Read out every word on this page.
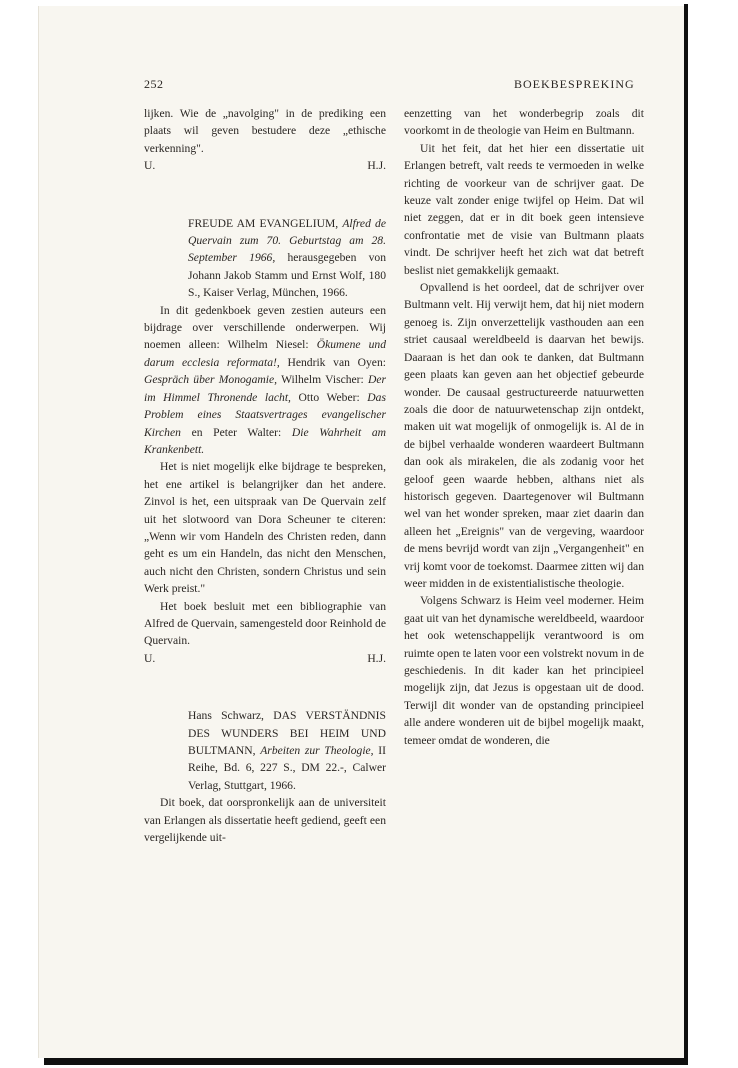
252	BOEKBESPREKING

lijken. Wie de „navolging" in de prediking een plaats wil geven bestudere deze „ethische verkenning".

U.	H.J.

FREUDE AM EVANGELIUM, Alfred de Quervain zum 70. Geburtstag am 28. September 1966, herausgegeben von Johann Jakob Stamm und Ernst Wolf, 180 S., Kaiser Verlag, München, 1966.

In dit gedenkboek geven zestien auteurs een bijdrage over verschillende onderwerpen. Wij noemen alleen: Wilhelm Niesel: Ökumene und darum ecclesia reformata!, Hendrik van Oyen: Gespräch über Monogamie, Wilhelm Vischer: Der im Himmel Thronende lacht, Otto Weber: Das Problem eines Staatsvertrages evangelischer Kirchen en Peter Walter: Die Wahrheit am Krankenbett.

Het is niet mogelijk elke bijdrage te bespreken, het ene artikel is belangrijker dan het andere. Zinvol is het, een uitspraak van De Quervain zelf uit het slotwoord van Dora Scheuner te citeren: „Wenn wir vom Handeln des Christen reden, dann geht es um ein Handeln, das nicht den Menschen, auch nicht den Christen, sondern Christus und sein Werk preist."

Het boek besluit met een bibliographie van Alfred de Quervain, samengesteld door Reinhold de Quervain.

U.	H.J.

Hans Schwarz, DAS VERSTÄNDNIS DES WUNDERS BEI HEIM UND BULTMANN, Arbeiten zur Theologie, II Reihe, Bd. 6, 227 S., DM 22.-, Calwer Verlag, Stuttgart, 1966.

Dit boek, dat oorspronkelijk aan de universiteit van Erlangen als dissertatie heeft gediend, geeft een vergelijkende uit-

eenzetting van het wonderbegrip zoals dit voorkomt in de theologie van Heim en Bultmann.

Uit het feit, dat het hier een dissertatie uit Erlangen betreft, valt reeds te vermoeden in welke richting de voorkeur van de schrijver gaat. De keuze valt zonder enige twijfel op Heim. Dat wil niet zeggen, dat er in dit boek geen intensieve confrontatie met de visie van Bultmann plaats vindt. De schrijver heeft het zich wat dat betreft beslist niet gemakkelijk gemaakt.

Opvallend is het oordeel, dat de schrijver over Bultmann velt. Hij verwijt hem, dat hij niet modern genoeg is. Zijn onverzettelijk vasthouden aan een striet causaal wereldbeeld is daarvan het bewijs. Daaraan is het dan ook te danken, dat Bultmann geen plaats kan geven aan het objectief gebeurde wonder. De causaal gestructureerde natuurwetten zoals die door de natuurwetenschap zijn ontdekt, maken uit wat mogelijk of onmogelijk is. Al de in de bijbel verhaalde wonderen waardeert Bultmann dan ook als mirakelen, die als zodanig voor het geloof geen waarde hebben, althans niet als historisch gegeven. Daartegenover wil Bultmann wel van het wonder spreken, maar ziet daarin dan alleen het „Ereignis" van de vergeving, waardoor de mens bevrijd wordt van zijn „Vergangenheit" en vrij komt voor de toekomst. Daarmee zitten wij dan weer midden in de existentialistische theologie.

Volgens Schwarz is Heim veel moderner. Heim gaat uit van het dynamische wereldbeeld, waardoor het ook wetenschappelijk verantwoord is om ruimte open te laten voor een volstrekt novum in de geschiedenis. In dit kader kan het principieel mogelijk zijn, dat Jezus is opgestaan uit de dood. Terwijl dit wonder van de opstanding principieel alle andere wonderen uit de bijbel mogelijk maakt, temeer omdat de wonderen, die
